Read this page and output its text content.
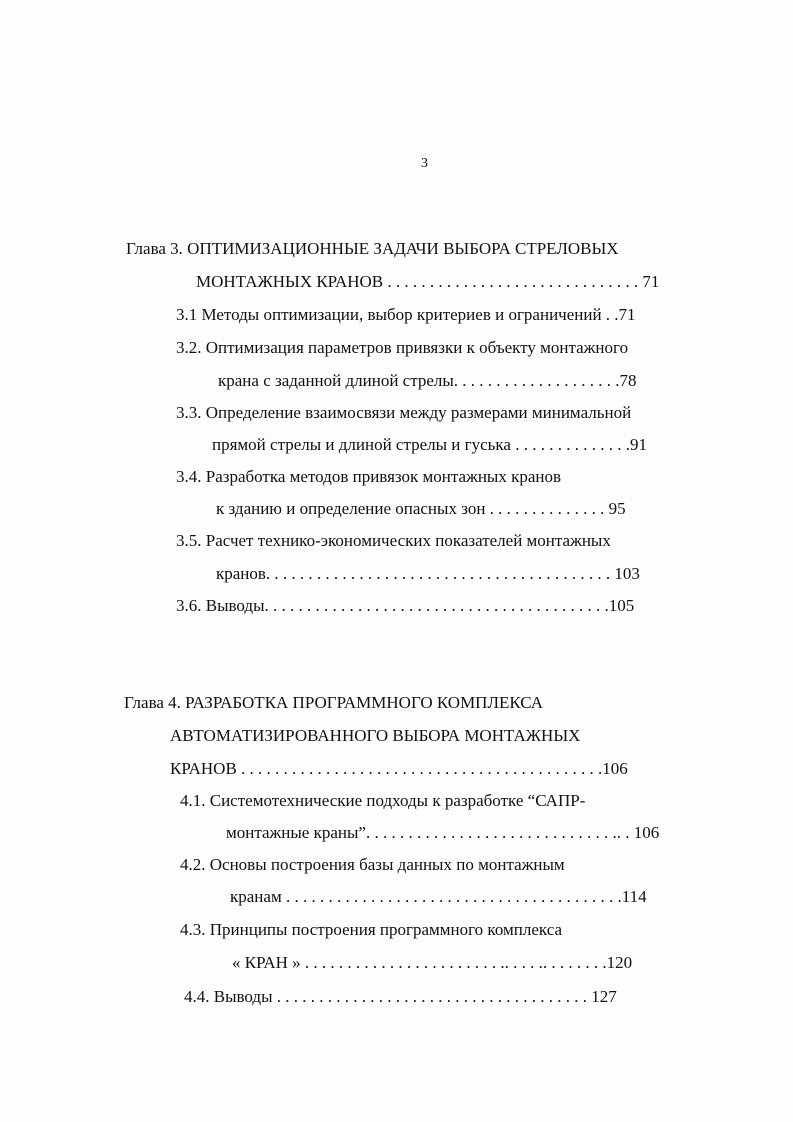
3
Глава 3. ОПТИМИЗАЦИОННЫЕ ЗАДАЧИ ВЫБОРА СТРЕЛОВЫХ
МОНТАЖНЫХ КРАНОВ . . . . . . . . . . . . . . . . . . . . . . . . . . . . . . 71
3.1 Методы оптимизации, выбор критериев и ограничений . .71
3.2. Оптимизация параметров привязки к объекту монтажного
крана с заданной длиной стрелы. . . . . . . . . . . . . . . . . . . .78
3.3. Определение взаимосвязи между размерами минимальной
прямой стрелы и длиной стрелы и гуська . . . . . . . . . . . . . .91
3.4. Разработка методов привязок монтажных кранов
к зданию и определение опасных зон . . . . . . . . . . . . . . 95
3.5. Расчет технико-экономических показателей монтажных
кранов. . . . . . . . . . . . . . . . . . . . . . . . . . . . . . . . . . . . . . . . . 103
3.6. Выводы. . . . . . . . . . . . . . . . . . . . . . . . . . . . . . . . . . . . . . . . .105
Глава 4. РАЗРАБОТКА ПРОГРАММНОГО КОМПЛЕКСА
АВТОМАТИЗИРОВАННОГО ВЫБОРА МОНТАЖНЫХ
КРАНОВ . . . . . . . . . . . . . . . . . . . . . . . . . . . . . . . . . . . . . . . . . . .106
4.1. Системотехнические подходы к разработке “САПР-
монтажные краны”. . . . . . . . . . . . . . . . . . . . . . . . . . . . . .. . 106
4.2. Основы построения базы данных по монтажным
кранам . . . . . . . . . . . . . . . . . . . . . . . . . . . . . . . . . . . . . . . .114
4.3. Принципы построения программного комплекса
« КРАН » . . . . . . . . . . . . . . . . . . . . . . . .. . . . .. . . . . . . .120
4.4. Выводы . . . . . . . . . . . . . . . . . . . . . . . . . . . . . . . . . . . . . 127
